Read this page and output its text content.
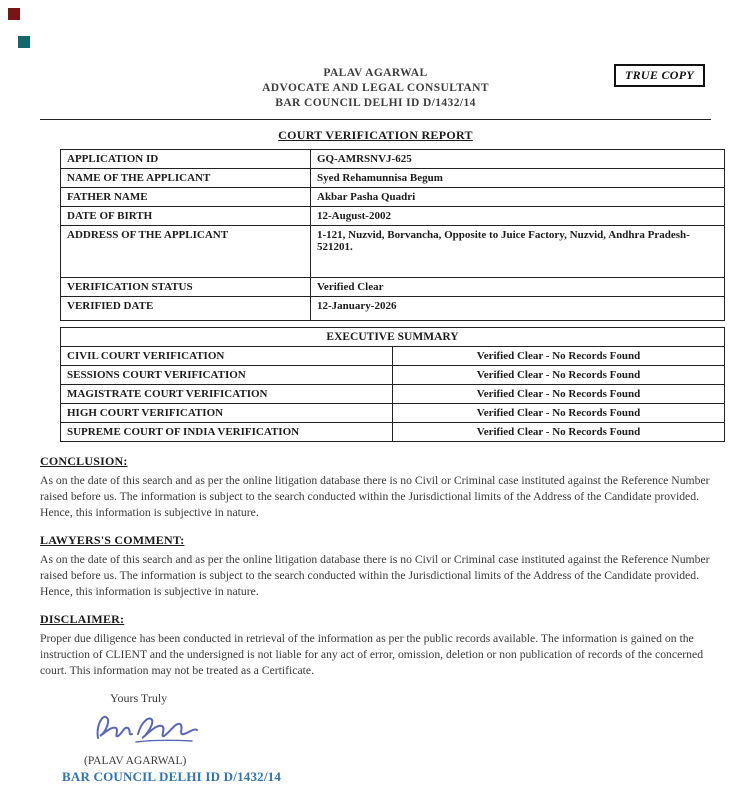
TRUE COPY
PALAV AGARWAL
ADVOCATE AND LEGAL CONSULTANT
BAR COUNCIL DELHI ID D/1432/14
COURT VERIFICATION REPORT
APPLICATION ID	GQ-AMRSNVJ-625
NAME OF THE APPLICANT	Syed Rehamunnisa Begum
FATHER NAME	Akbar Pasha Quadri
DATE OF BIRTH	12-August-2002
ADDRESS OF THE APPLICANT	1-121, Nuzvid, Borvancha, Opposite to Juice Factory, Nuzvid, Andhra Pradesh-521201.
VERIFICATION STATUS	Verified Clear
VERIFIED DATE	12-January-2026
EXECUTIVE SUMMARY	
CIVIL COURT VERIFICATION	Verified Clear - No Records Found
SESSIONS COURT VERIFICATION	Verified Clear - No Records Found
MAGISTRATE COURT VERIFICATION	Verified Clear - No Records Found
HIGH COURT VERIFICATION	Verified Clear - No Records Found
SUPREME COURT OF INDIA VERIFICATION	Verified Clear - No Records Found
CONCLUSION:
As on the date of this search and as per the online litigation database there is no Civil or Criminal case instituted against the Reference Number raised before us. The information is subject to the search conducted within the Jurisdictional limits of the Address of the Candidate provided. Hence, this information is subjective in nature.
LAWYERS'S COMMENT:
As on the date of this search and as per the online litigation database there is no Civil or Criminal case instituted against the Reference Number raised before us. The information is subject to the search conducted within the Jurisdictional limits of the Address of the Candidate provided. Hence, this information is subjective in nature.
DISCLAIMER:
Proper due diligence has been conducted in retrieval of the information as per the public records available. The information is gained on the instruction of CLIENT and the undersigned is not liable for any act of error, omission, deletion or non publication of records of the concerned court. This information may not be treated as a Certificate.
Yours Truly
(PALAV AGARWAL)
BAR COUNCIL DELHI ID D/1432/14
